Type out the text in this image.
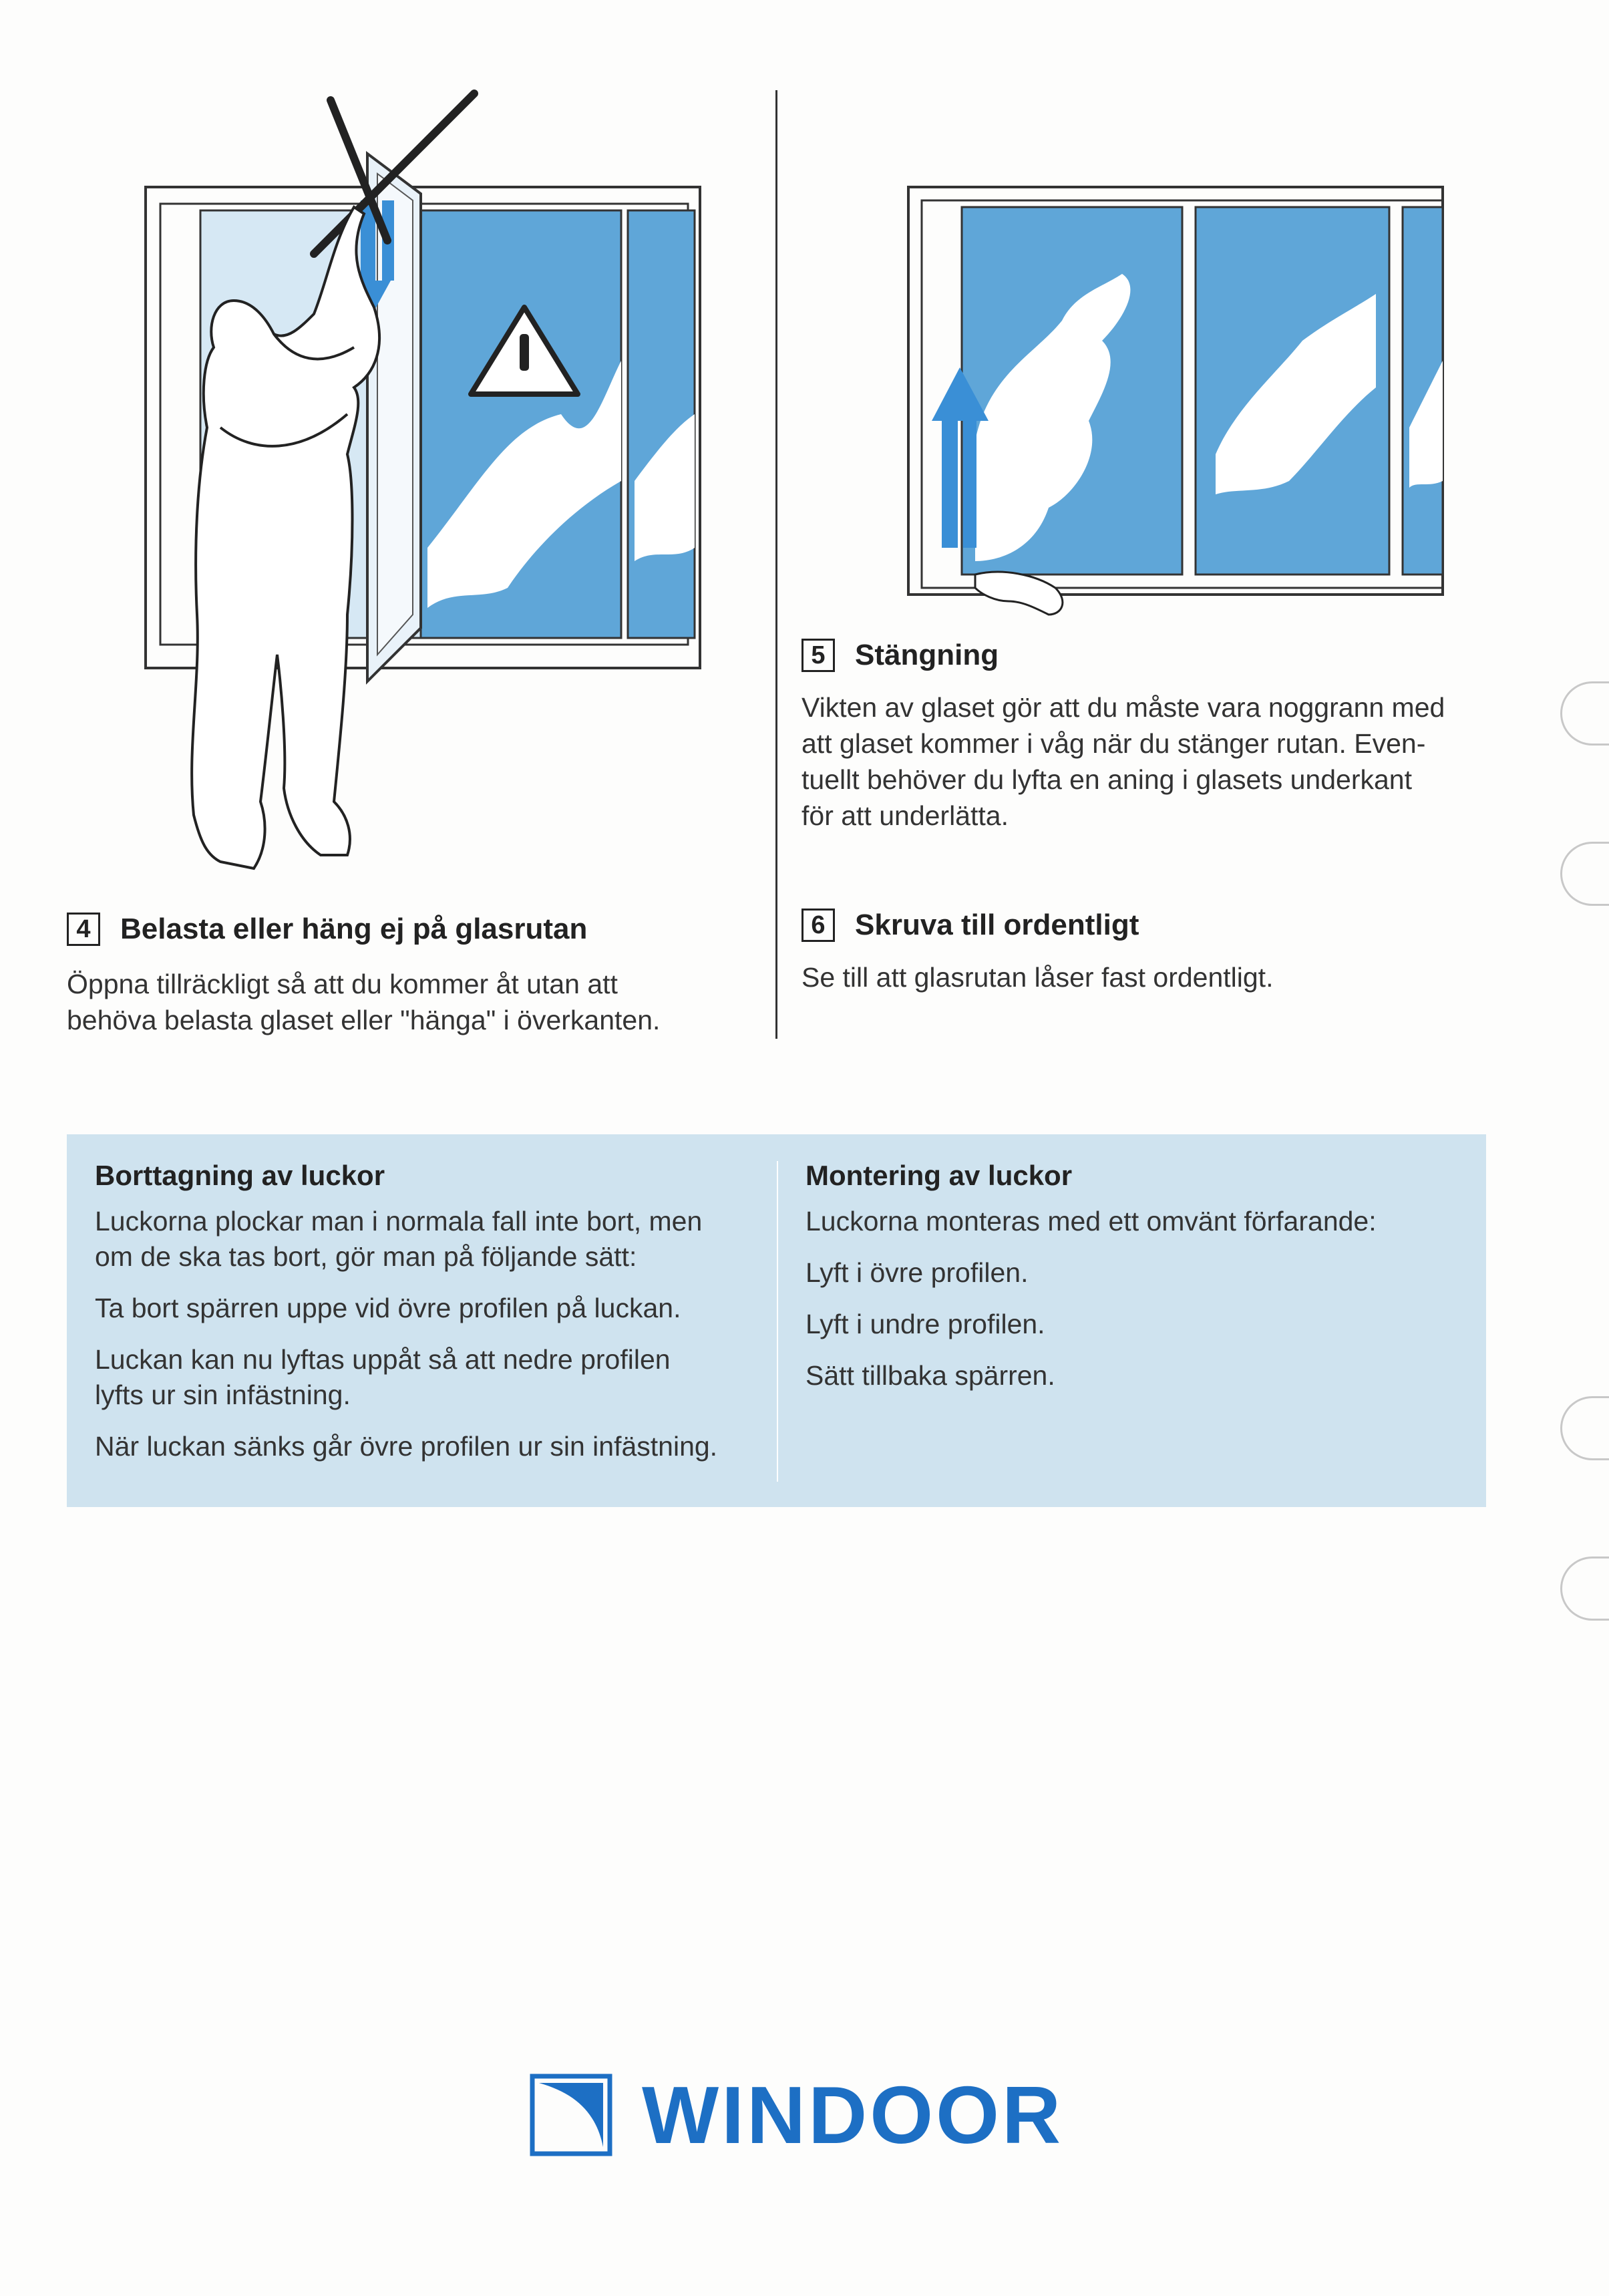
4	Belasta eller häng ej på glasrutan

Öppna tillräckligt så att du kommer åt utan att

behöva belasta glaset eller "hänga" i överkanten.

5	Stängning

Vikten av glaset gör att du måste vara noggrann med

att glaset kommer i våg när du stänger rutan. Even-

tuellt behöver du lyfta en aning i glasets underkant

för att underlätta.

6	Skruva till ordentligt

Se till att glasrutan låser fast ordentligt.

Borttagning av luckor
Luckorna plockar man i normala fall inte bort, men
om de ska tas bort, gör man på följande sätt:
Ta bort spärren uppe vid övre profilen på luckan.
Luckan kan nu lyftas uppåt så att nedre profilen
lyfts ur sin infästning.
När luckan sänks går övre profilen ur sin infästning.
Montering av luckor
Luckorna monteras med ett omvänt förfarande:
Lyft i övre profilen.
Lyft i undre profilen.
Sätt tillbaka spärren.
WINDOOR
